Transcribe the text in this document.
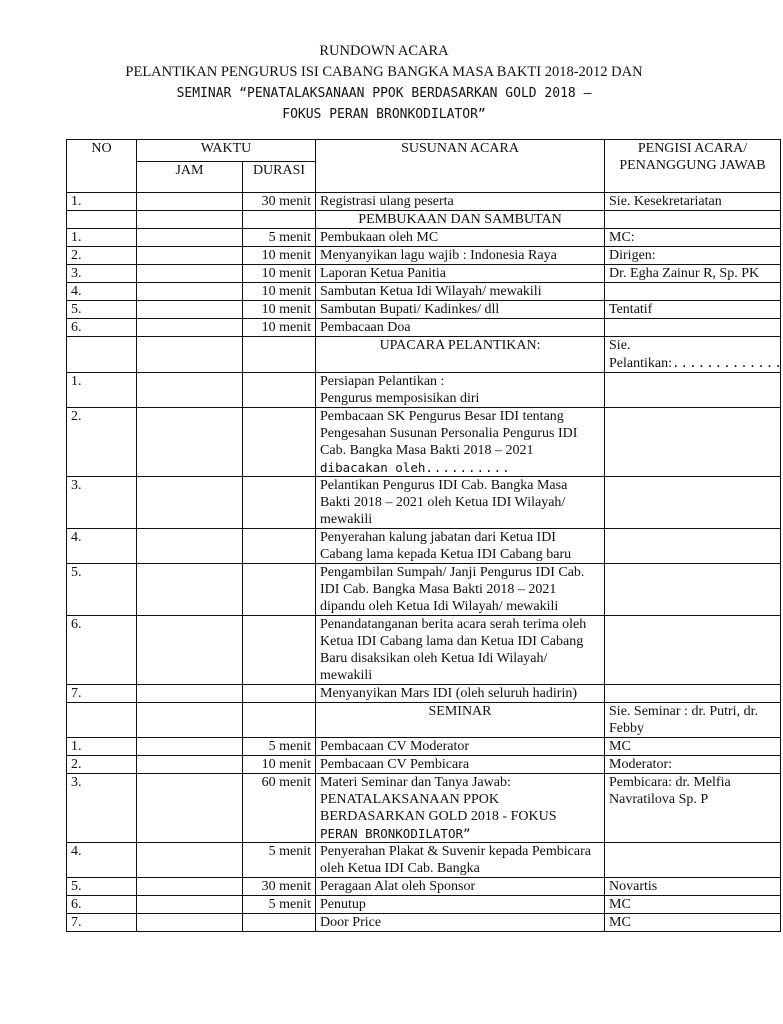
RUNDOWN ACARA
PELANTIKAN PENGURUS ISI CABANG BANGKA MASA BAKTI 2018-2012 DAN
SEMINAR “PENATALAKSANAAN PPOK BERDASARKAN GOLD 2018 –
FOKUS PERAN BRONKODILATOR”
NO	WAKTU		SUSUNAN ACARA	PENGISI ACARA/ PENANGGUNG JAWAB
	JAM	DURASI		
1.		30 menit	Registrasi ulang peserta	Sie. Kesekretariatan
			PEMBUKAAN DAN SAMBUTAN	
1.		5 menit	Pembukaan oleh MC	MC:
2.		10 menit	Menyanyikan lagu wajib : Indonesia Raya	Dirigen:
3.		10 menit	Laporan Ketua Panitia	Dr. Egha Zainur R, Sp. PK
4.		10 menit	Sambutan Ketua Idi Wilayah/ mewakili	
5.		10 menit	Sambutan Bupati/ Kadinkes/ dll	Tentatif
6.		10 menit	Pembacaan Doa	
			UPACARA PELANTIKAN:	Sie. Pelantikan:.............
1.			Persiapan Pelantikan :
Pengurus memposisikan diri	

2.			Pembacaan SK Pengurus Besar IDI tentang Pengesahan Susunan Personalia Pengurus IDI Cab. Bangka Masa Bakti 2018 – 2021
dibacakan oleh..........	

3.			Pelantikan Pengurus IDI Cab. Bangka Masa Bakti 2018 – 2021 oleh Ketua IDI Wilayah/ mewakili	
4.			Penyerahan kalung jabatan dari Ketua IDI Cabang lama kepada Ketua IDI Cabang baru	
5.			Pengambilan Sumpah/ Janji Pengurus IDI Cab. IDI Cab. Bangka Masa Bakti 2018 – 2021 dipandu oleh Ketua Idi Wilayah/ mewakili	
6.			Penandatanganan berita acara serah terima oleh Ketua IDI Cabang lama dan Ketua IDI Cabang Baru disaksikan oleh Ketua Idi Wilayah/ mewakili	
7.			Menyanyikan Mars IDI (oleh seluruh hadirin)	
			SEMINAR	Sie. Seminar : dr. Putri, dr. Febby
1.		5 menit	Pembacaan CV Moderator	MC
2.		10 menit	Pembacaan CV Pembicara	Moderator:
3.		60 menit	Materi Seminar dan Tanya Jawab:
PENATALAKSANAAN PPOK BERDASARKAN GOLD 2018 - FOKUS
PERAN BRONKODILATOR”	Pembicara: dr. Melfia Navratilova Sp. P
4.		5 menit	Penyerahan Plakat & Suvenir kepada Pembicara oleh Ketua IDI Cab. Bangka	
5.		30 menit	Peragaan Alat oleh Sponsor	Novartis
6.		5 menit	Penutup	MC
7.			Door Price	MC
